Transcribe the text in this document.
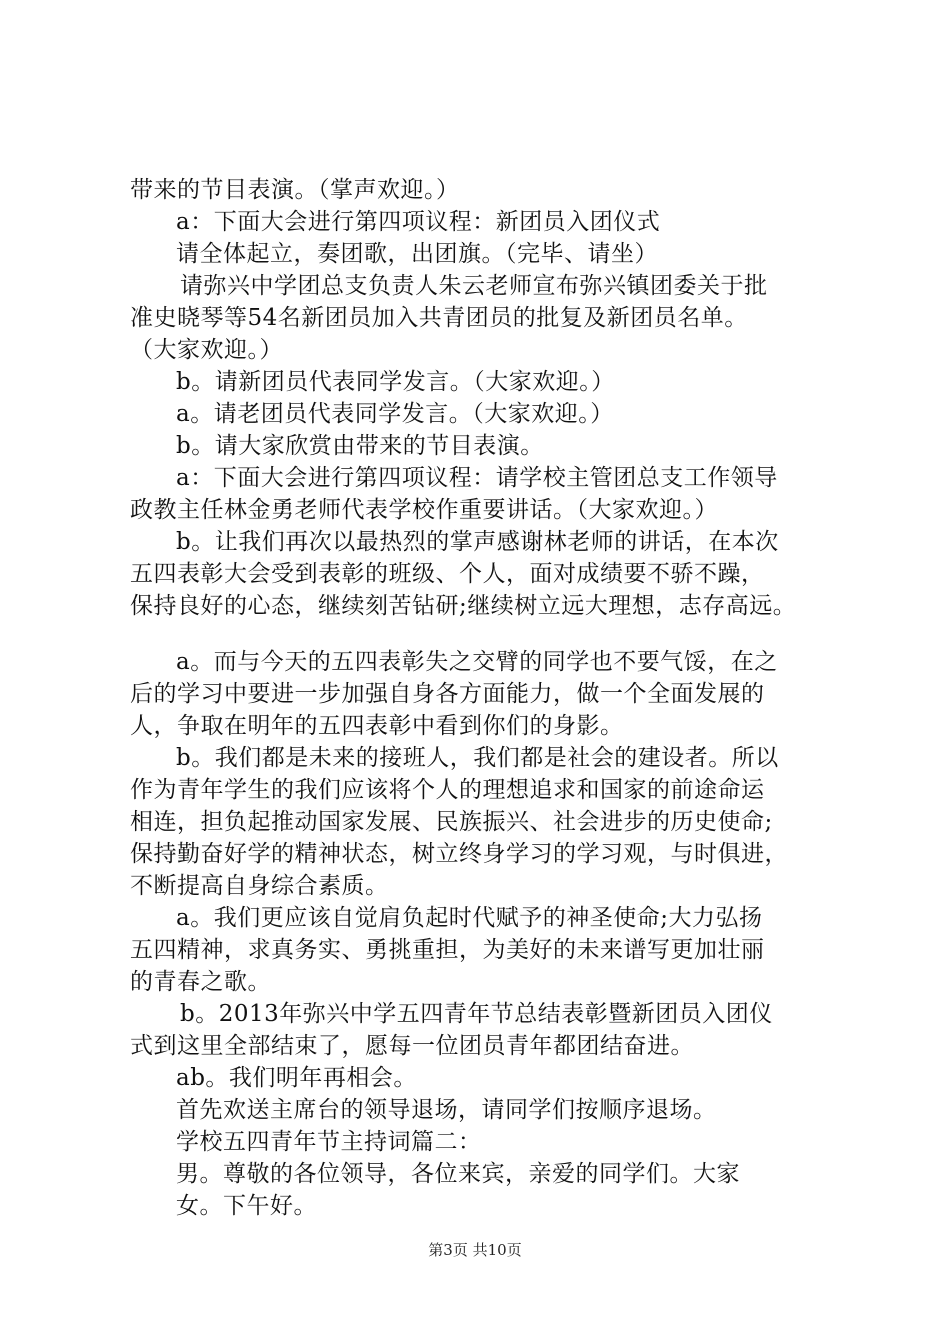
带来的节目表演。（掌声欢迎。）
a：下面大会进行第四项议程：新团员入团仪式
请全体起立，奏团歌，出团旗。（完毕、请坐）
请弥兴中学团总支负责人朱云老师宣布弥兴镇团委关于批
准史晓琴等54名新团员加入共青团员的批复及新团员名单。
（大家欢迎。）
b。请新团员代表同学发言。（大家欢迎。）
a。请老团员代表同学发言。（大家欢迎。）
b。请大家欣赏由带来的节目表演。
a：下面大会进行第四项议程：请学校主管团总支工作领导
政教主任林金勇老师代表学校作重要讲话。（大家欢迎。）
b。让我们再次以最热烈的掌声感谢林老师的讲话，在本次
五四表彰大会受到表彰的班级、个人，面对成绩要不骄不躁，
保持良好的心态，继续刻苦钻研;继续树立远大理想，志存高远。
a。而与今天的五四表彰失之交臂的同学也不要气馁，在之
后的学习中要进一步加强自身各方面能力，做一个全面发展的
人，争取在明年的五四表彰中看到你们的身影。
b。我们都是未来的接班人，我们都是社会的建设者。所以
作为青年学生的我们应该将个人的理想追求和国家的前途命运
相连，担负起推动国家发展、民族振兴、社会进步的历史使命;
保持勤奋好学的精神状态，树立终身学习的学习观，与时俱进，
不断提高自身综合素质。
a。我们更应该自觉肩负起时代赋予的神圣使命;大力弘扬
五四精神，求真务实、勇挑重担，为美好的未来谱写更加壮丽
的青春之歌。
b。2013年弥兴中学五四青年节总结表彰暨新团员入团仪
式到这里全部结束了，愿每一位团员青年都团结奋进。
ab。我们明年再相会。
首先欢送主席台的领导退场，请同学们按顺序退场。
学校五四青年节主持词篇二：
男。尊敬的各位领导，各位来宾，亲爱的同学们。大家
女。下午好。
第3页 共10页
